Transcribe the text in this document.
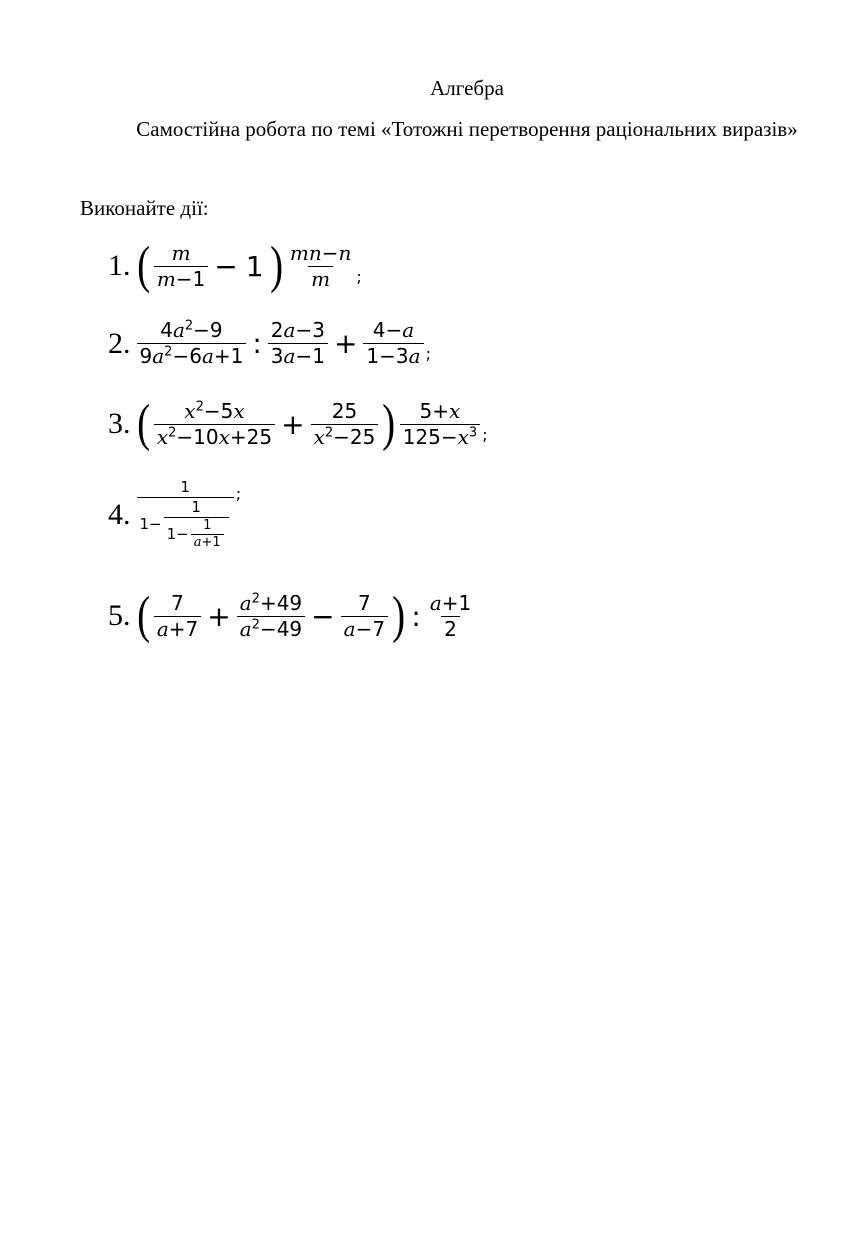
Алгебра
Самостійна робота по темі «Тотожні перетворення раціональних виразів»
Виконайте дії:
1. ( $\frac{m}{m-1} - 1$ ) $\frac{mn-n}{m}$ ;
2. $\frac{4a^2-9}{9a^2-6a+1}$ : $\frac{2a-3}{3a-1} + \frac{4-a}{1-3a}$ ;
3. ( $\frac{x^2-5x}{x^2-10x+25} + \frac{25}{x^2-25}$ ) $\frac{5+x}{125-x^3}$ ;
4.
1
$1- \frac{1}{1- \frac{1}{a+1}}$
;
5. ( $\frac{7}{a+7} + \frac{a^2+49}{a^2-49} - \frac{7}{a-7}$ ) : $\frac{a+1}{2}$
